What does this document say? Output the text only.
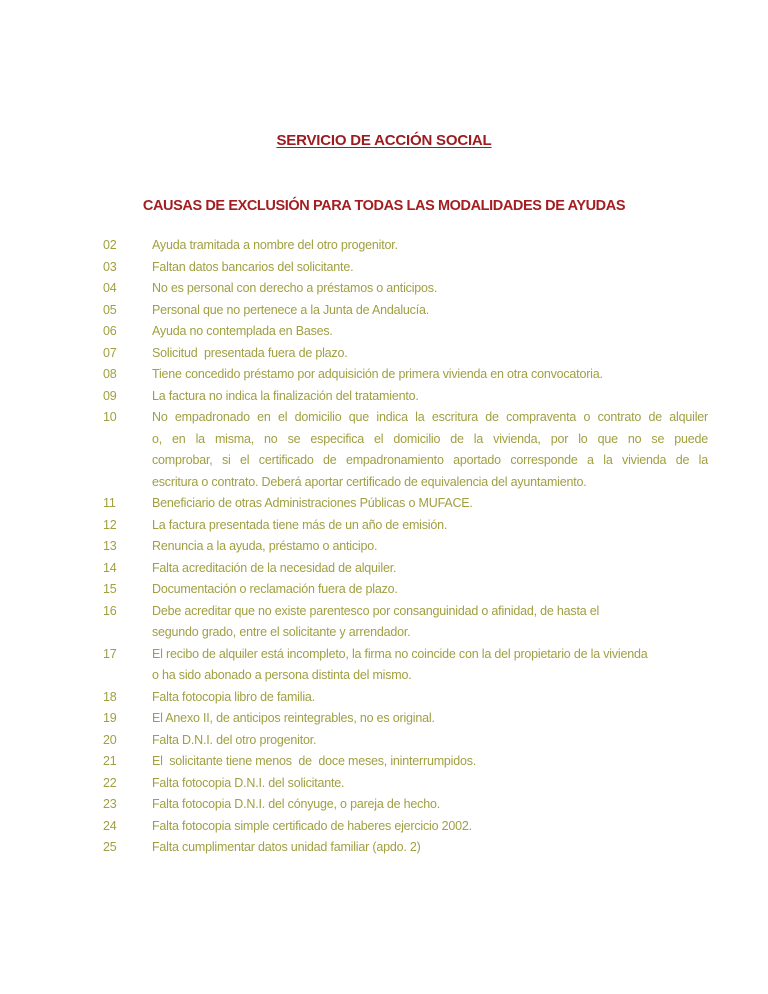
SERVICIO DE ACCIÓN SOCIAL
CAUSAS DE EXCLUSIÓN PARA TODAS LAS MODALIDADES DE AYUDAS
02	Ayuda tramitada a nombre del otro progenitor.
03	Faltan datos bancarios del solicitante.
04	No es personal con derecho a préstamos o anticipos.
05	Personal que no pertenece a la Junta de Andalucía.
06	Ayuda no contemplada en Bases.
07	Solicitud  presentada fuera de plazo.
08	Tiene concedido préstamo por adquisición de primera vivienda en otra convocatoria.
09	La factura no indica la finalización del tratamiento.
10	No empadronado en el domicilio que indica la escritura de compraventa o contrato de alquiler
o, en la misma, no se especifica el domicilio de la vivienda, por lo que no se puede
comprobar, si el certificado de empadronamiento aportado corresponde a la vivienda de la
escritura o contrato. Deberá aportar certificado de equivalencia del ayuntamiento.
11	Beneficiario de otras Administraciones Públicas o MUFACE.
12	La factura presentada tiene más de un año de emisión.
13	Renuncia a la ayuda, préstamo o anticipo.
14	Falta acreditación de la necesidad de alquiler.
15	Documentación o reclamación fuera de plazo.
16	Debe acreditar que no existe parentesco por consanguinidad o afinidad, de hasta el
segundo grado, entre el solicitante y arrendador.
17	El recibo de alquiler está incompleto, la firma no coincide con la del propietario de la vivienda
o ha sido abonado a persona distinta del mismo.
18	Falta fotocopia libro de familia.
19	El Anexo II, de anticipos reintegrables, no es original.
20	Falta D.N.I. del otro progenitor.
21	El  solicitante tiene menos  de  doce meses, ininterrumpidos.
22	Falta fotocopia D.N.I. del solicitante.
23	Falta fotocopia D.N.I. del cónyuge, o pareja de hecho.
24	Falta fotocopia simple certificado de haberes ejercicio 2002.
25	Falta cumplimentar datos unidad familiar (apdo. 2)
